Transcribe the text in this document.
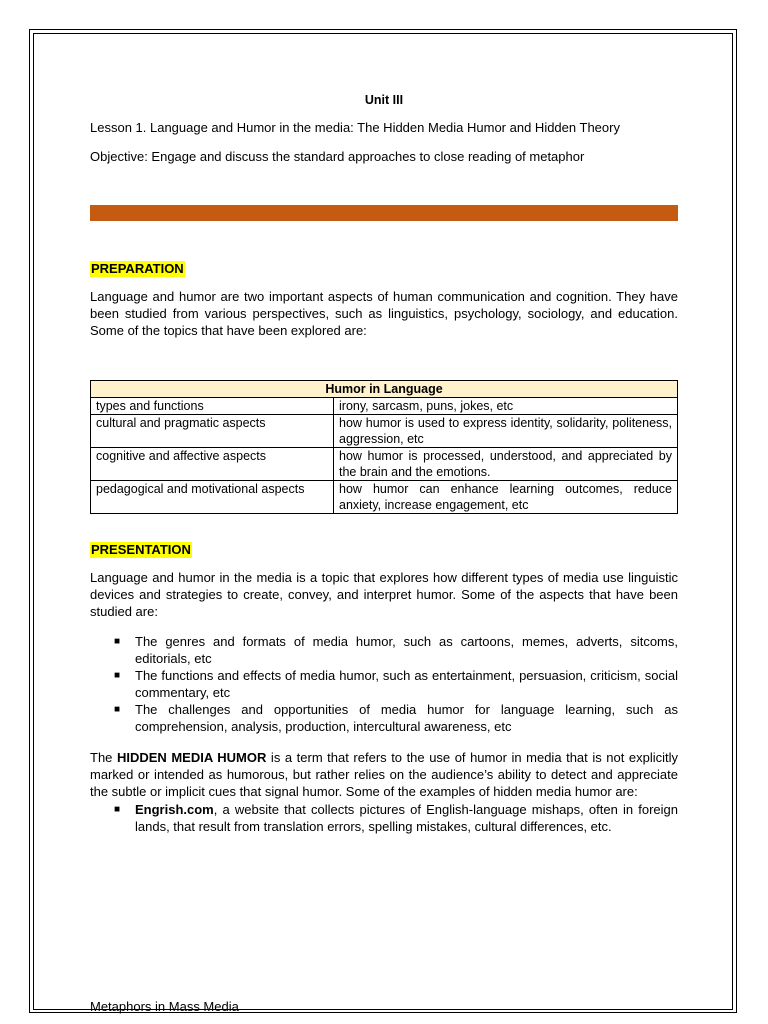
Unit III
Lesson 1. Language and Humor in the media: The Hidden Media Humor and Hidden Theory
Objective: Engage and discuss the standard approaches to close reading of metaphor
PREPARATION
Language and humor are two important aspects of human communication and cognition. They have been studied from various perspectives, such as linguistics, psychology, sociology, and education. Some of the topics that have been explored are:
Humor in Language	
types and functions	irony, sarcasm, puns, jokes, etc
cultural and pragmatic aspects	how humor is used to express identity, solidarity, politeness, aggression, etc
cognitive and affective aspects	how humor is processed, understood, and appreciated by the brain and the emotions.
pedagogical and motivational aspects	how humor can enhance learning outcomes, reduce anxiety, increase engagement, etc
PRESENTATION
Language and humor in the media is a topic that explores how different types of media use linguistic devices and strategies to create, convey, and interpret humor. Some of the aspects that have been studied are:
■ The genres and formats of media humor, such as cartoons, memes, adverts, sitcoms, editorials, etc
■ The functions and effects of media humor, such as entertainment, persuasion, criticism, social commentary, etc
■ The challenges and opportunities of media humor for language learning, such as comprehension, analysis, production, intercultural awareness, etc
The HIDDEN MEDIA HUMOR is a term that refers to the use of humor in media that is not explicitly marked or intended as humorous, but rather relies on the audience’s ability to detect and appreciate the subtle or implicit cues that signal humor. Some of the examples of hidden media humor are:
■ Engrish.com, a website that collects pictures of English-language mishaps, often in foreign lands, that result from translation errors, spelling mistakes, cultural differences, etc.
Metaphors in Mass Media
